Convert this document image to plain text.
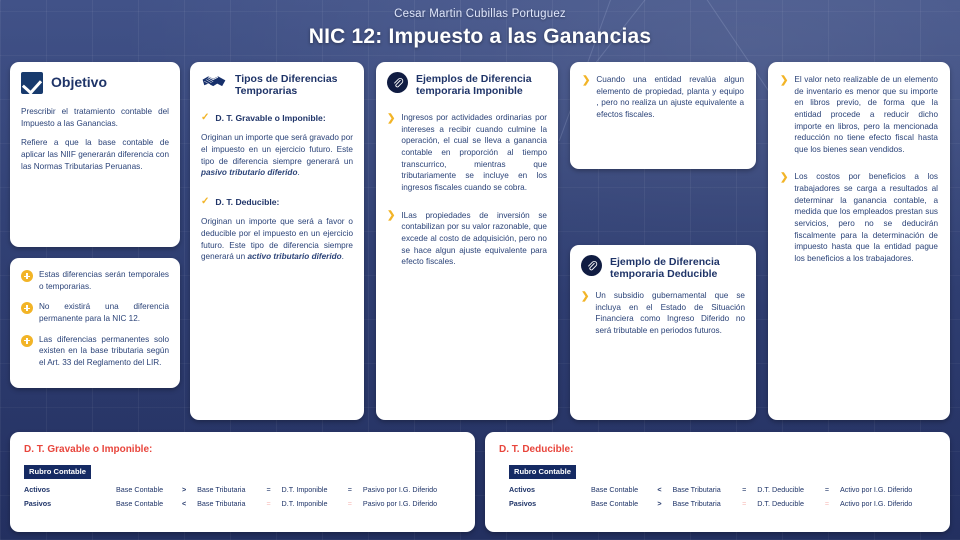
Cesar Martin Cubillas Portuguez
NIC 12: Impuesto a las Ganancias
Objetivo
Prescribir el tratamiento contable del Impuesto a las Ganancias.
Refiere a que la base contable de aplicar las NIIF generarán diferencia con las Normas Tributarias Peruanas.
Estas diferencias serán temporales o temporarias.
No existirá una diferencia permanente para la NIC 12.
Las diferencias permanentes solo existen en la base tributaria según el Art. 33 del Reglamento del LIR.
Tipos de Diferencias Temporarias
✓ D. T. Gravable o Imponible:
Originan un importe que será gravado por el impuesto en un ejercicio futuro. Este tipo de diferencia siempre generará un pasivo tributario diferido.
✓ D. T. Deducible:
Originan un importe que será a favor o deducible por el impuesto en un ejercicio futuro. Este tipo de diferencia siempre generará un activo tributario diferido.
Ejemplos de Diferencia temporaria Imponible
❯ Ingresos por actividades ordinarias por intereses a recibir cuando culmine la operación, el cual se lleva a ganancia contable en proporción al tiempo transcurrico, mientras que tributariamente se incluye en los ingresos fiscales cuando se cobra.
❯ ILas propiedades de inversión se contabilizan por su valor razonable, que excede al costo de adquisición, pero no se hace algun ajuste equivalente para efecto fiscales.
❯ Cuando una entidad revalúa algun elemento de propiedad, planta y equipo , pero no realiza un ajuste equivalente a efectos fiscales.
Ejemplo de Diferencia temporaria Deducible
❯ Un subsidio gubernamental que se incluya en el Estado de Situación Financiera como Ingreso Diferido no será tributable en periodos futuros.
❯ El valor neto realizable de un elemento de inventario es menor que su importe en libros previo, de forma que la entidad procede a reducir dicho importe en libros, pero la mencionada reducción no tiene efecto fiscal hasta que los bienes sean vendidos.
❯ Los costos por beneficios a los trabajadores se carga a resultados al determinar la ganancia contable, a medida que los empleados prestan sus servicios, pero no se deducirán fiscalmente para la determinación de impuesto hasta que la entidad pague los beneficios a los trabajadores.
D. T. Gravable o Imponible:
Rubro Contable
Activos	Base Contable	>	Base Tributaria	=	D.T. Imponible	=	Pasivo por I.G. Diferido
Pasivos	Base Contable	<	Base Tributaria	=	D.T. Imponible	=	Pasivo por I.G. Diferido
D. T. Deducible:
Rubro Contable
Activos	Base Contable	<	Base Tributaria	=	D.T. Deducible	=	Activo por I.G. Diferido
Pasivos	Base Contable	>	Base Tributaria	=	D.T. Deducible	=	Activo por I.G. Diferido
